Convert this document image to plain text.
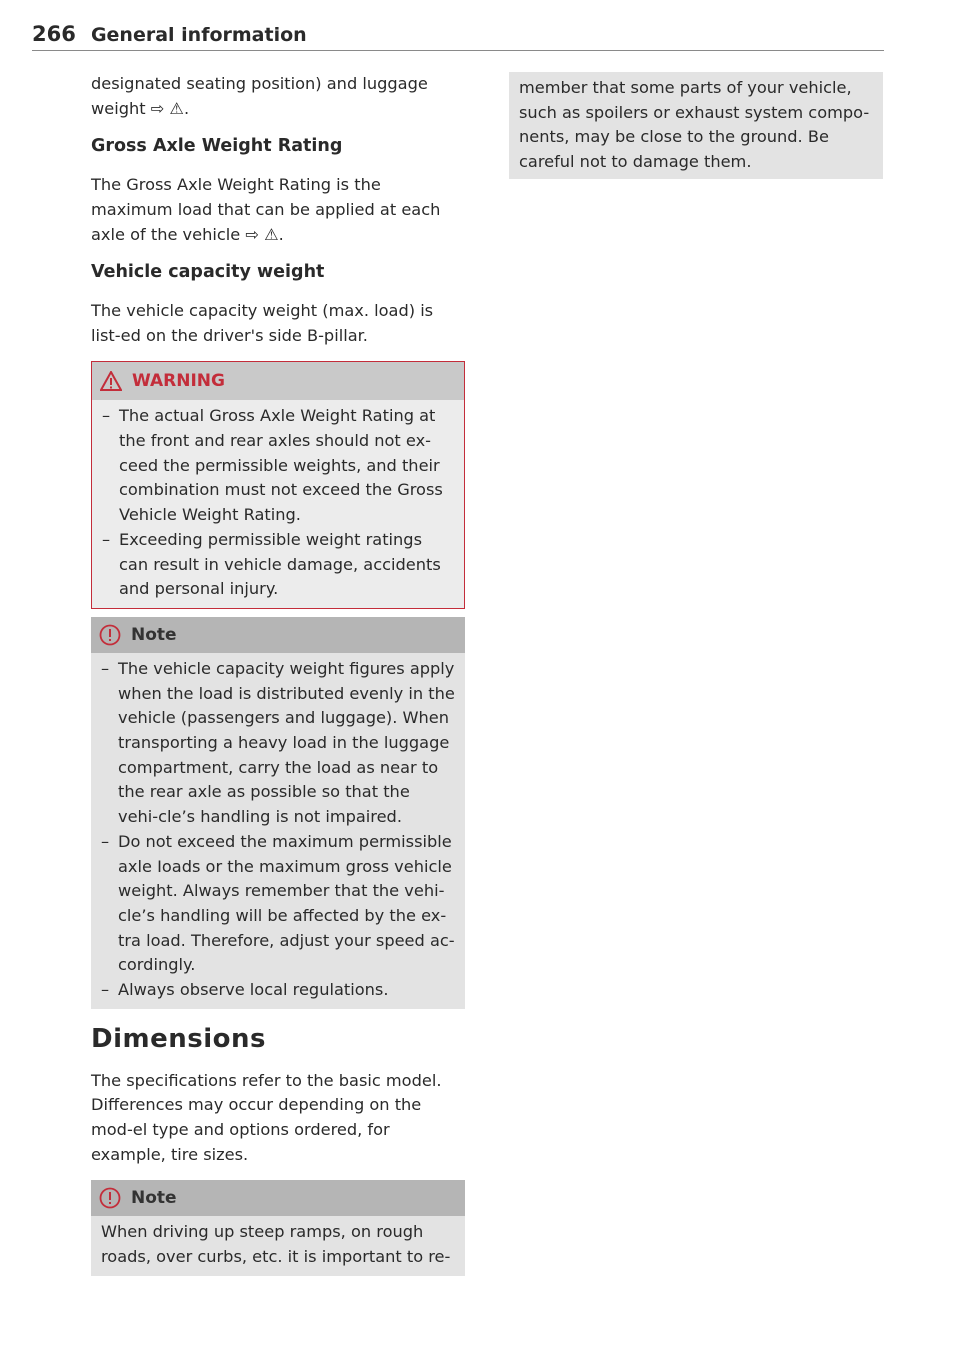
266 General information

designated seating position) and luggage weight ⇨ ⚠.

Gross Axle Weight Rating

The Gross Axle Weight Rating is the maximum load that can be applied at each axle of the vehicle ⇨ ⚠.

Vehicle capacity weight

The vehicle capacity weight (max. load) is list-ed on the driver's side B-pillar.

WARNING
– The actual Gross Axle Weight Rating at the front and rear axles should not ex-ceed the permissible weights, and their combination must not exceed the Gross Vehicle Weight Rating.
– Exceeding permissible weight ratings can result in vehicle damage, accidents and personal injury.
Note
– The vehicle capacity weight figures apply when the load is distributed evenly in the vehicle (passengers and luggage). When transporting a heavy load in the luggage compartment, carry the load as near to the rear axle as possible so that the vehi-cle’s handling is not impaired.
– Do not exceed the maximum permissible axle Ioads or the maximum gross vehicle weight. Always remember that the vehi-cle’s handling will be affected by the ex-tra load. Therefore, adjust your speed ac-cordingly.
– Always observe local regulations.
Dimensions

The specifications refer to the basic model. Differences may occur depending on the mod-el type and options ordered, for example, tire sizes.

Note
When driving up steep ramps, on rough roads, over curbs, etc. it is important to re-
member that some parts of your vehicle, such as spoilers or exhaust system compo-nents, may be close to the ground. Be careful not to damage them.
